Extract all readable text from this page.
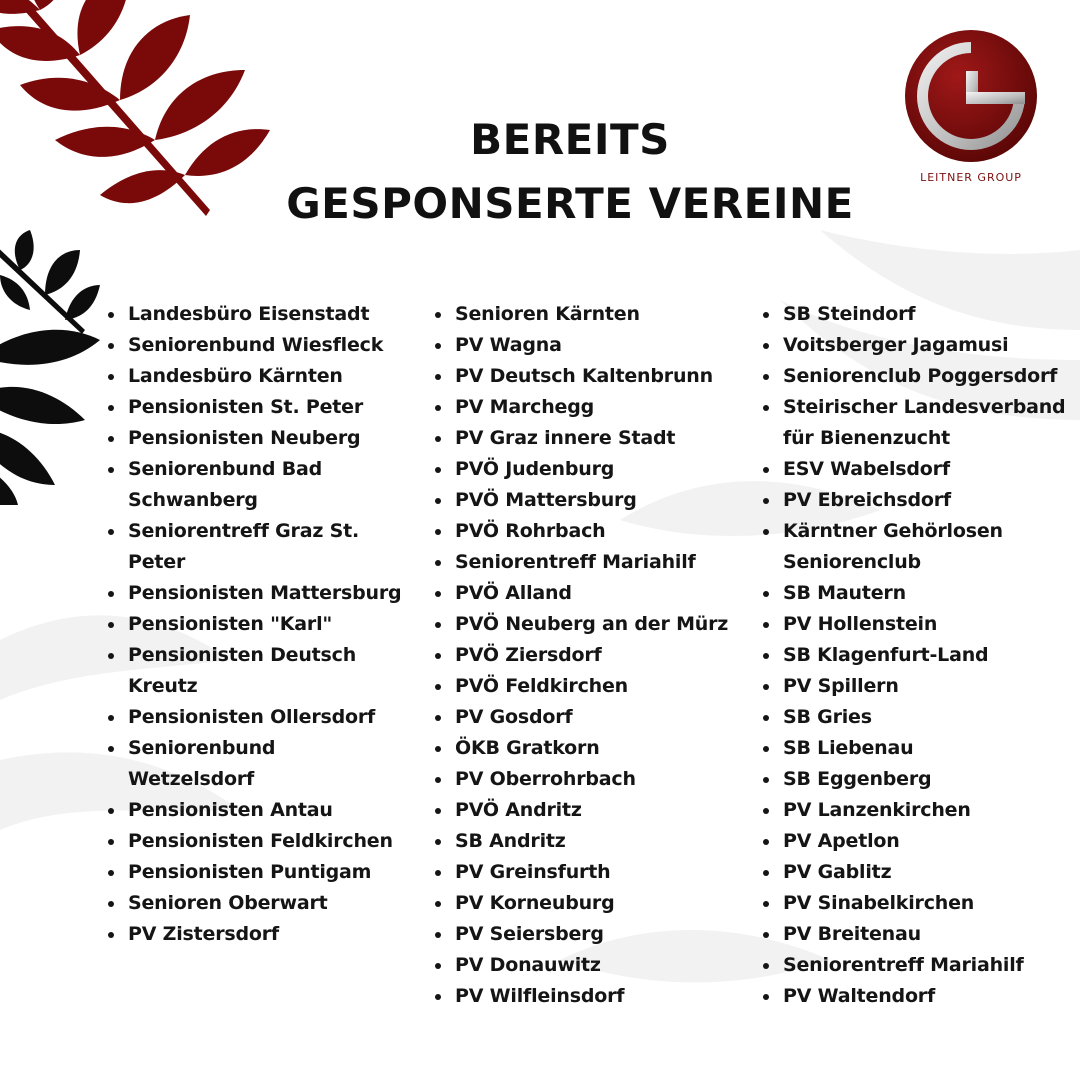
LEITNER GROUP
BEREITS
GESPONSERTE VEREINE
Landesbüro Eisenstadt
Seniorenbund Wiesfleck
Landesbüro Kärnten
Pensionisten St. Peter
Pensionisten Neuberg
Seniorenbund Bad Schwanberg
Seniorentreff Graz St. Peter
Pensionisten Mattersburg
Pensionisten "Karl"
Pensionisten Deutsch Kreutz
Pensionisten Ollersdorf
Seniorenbund Wetzelsdorf
Pensionisten Antau
Pensionisten Feldkirchen
Pensionisten Puntigam
Senioren Oberwart
PV Zistersdorf
Senioren Kärnten
PV Wagna
PV Deutsch Kaltenbrunn
PV Marchegg
PV Graz innere Stadt
PVÖ Judenburg
PVÖ Mattersburg
PVÖ Rohrbach
Seniorentreff Mariahilf
PVÖ Alland
PVÖ Neuberg an der Mürz
PVÖ Ziersdorf
PVÖ Feldkirchen
PV Gosdorf
ÖKB Gratkorn
PV Oberrohrbach
PVÖ Andritz
SB Andritz
PV Greinsfurth
PV Korneuburg
PV Seiersberg
PV Donauwitz
PV Wilfleinsdorf
SB Steindorf
Voitsberger Jagamusi
Seniorenclub Poggersdorf
Steirischer Landesverband für Bienenzucht
ESV Wabelsdorf
PV Ebreichsdorf
Kärntner Gehörlosen Seniorenclub
SB Mautern
PV Hollenstein
SB Klagenfurt-Land
PV Spillern
SB Gries
SB Liebenau
SB Eggenberg
PV Lanzenkirchen
PV Apetlon
PV Gablitz
PV Sinabelkirchen
PV Breitenau
Seniorentreff Mariahilf
PV Waltendorf
